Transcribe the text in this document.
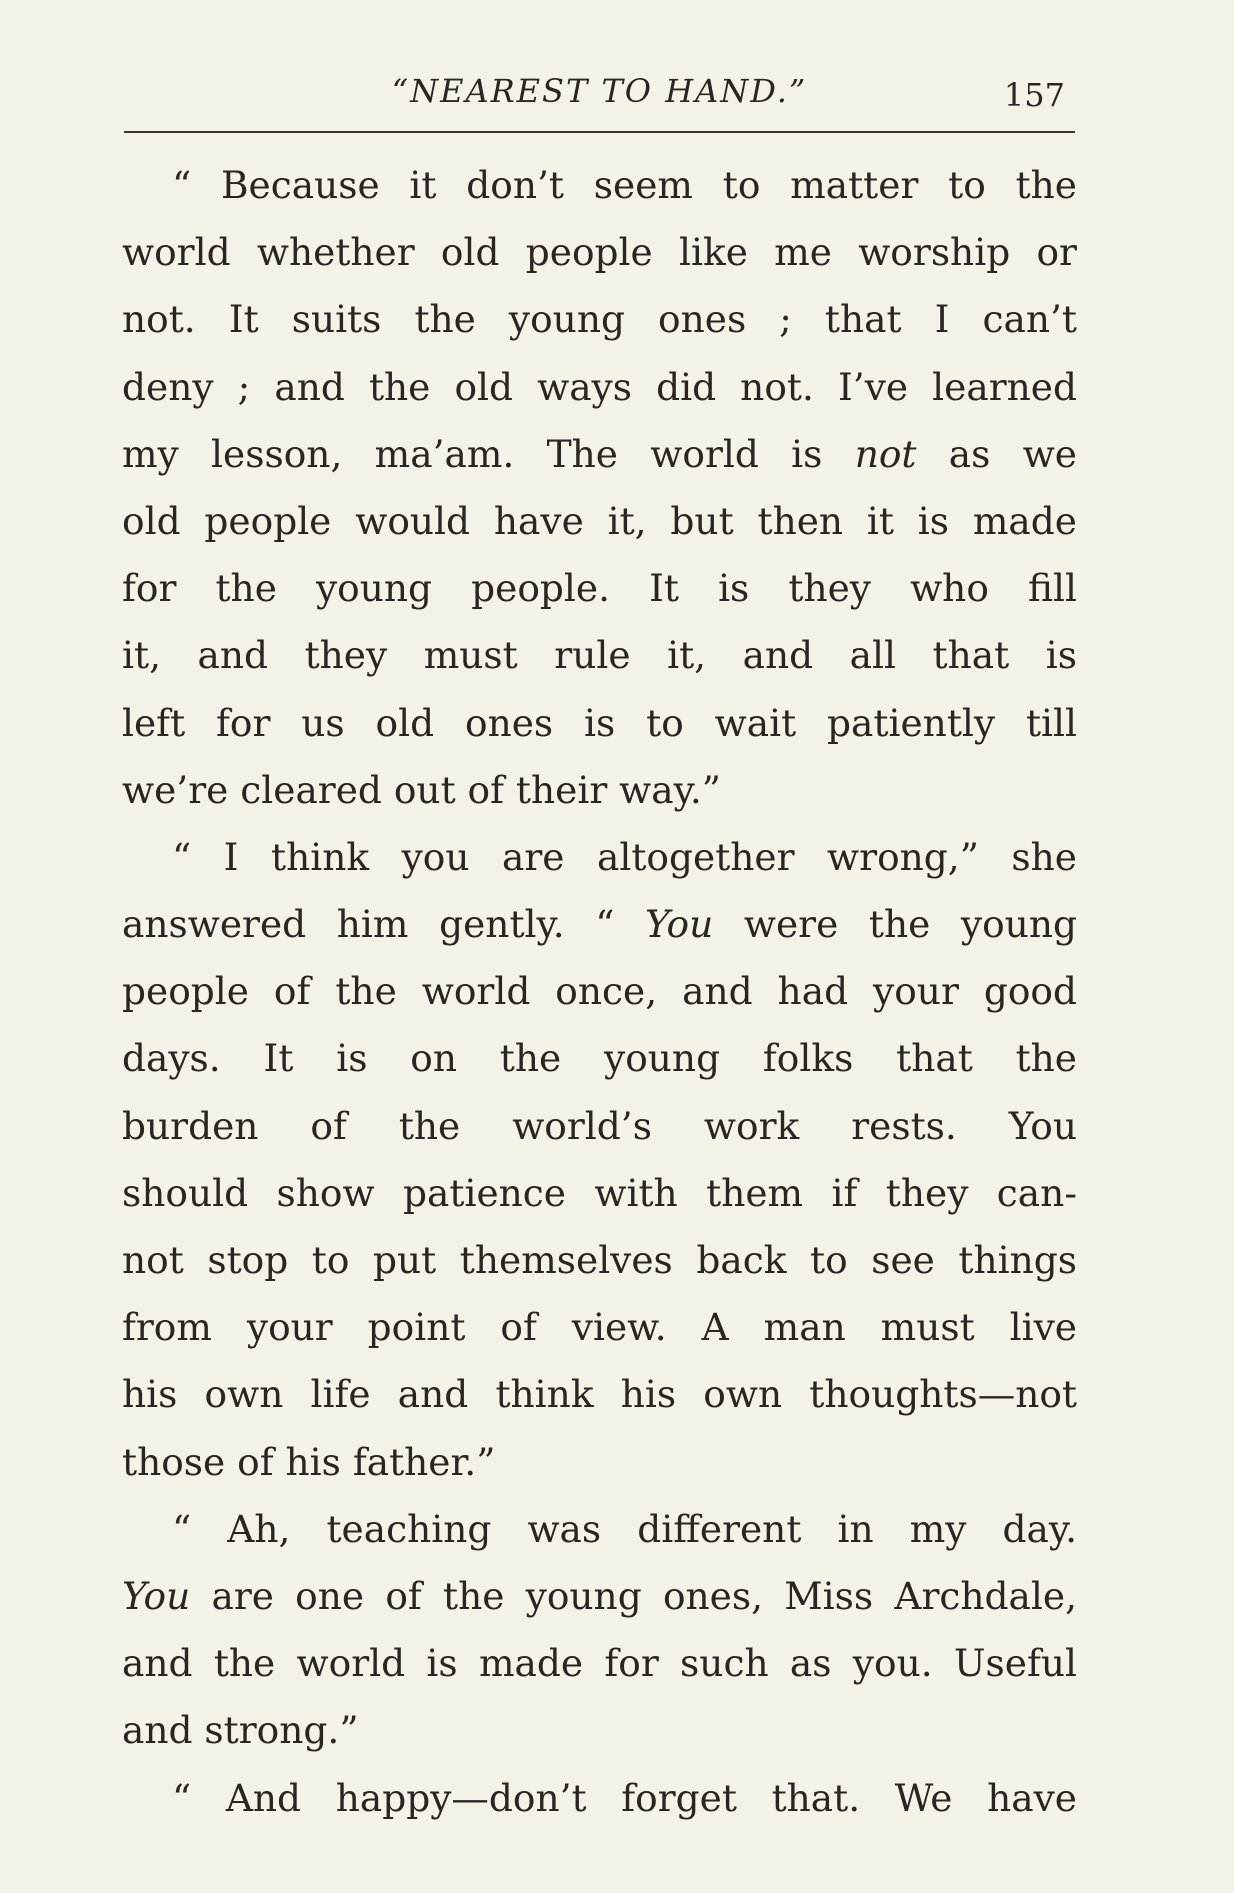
“NEAREST TO HAND.”	157
“ Because it don’t seem to matter to the
world whether old people like me worship or
not. It suits the young ones ; that I can’t
deny ; and the old ways did not. I’ve learned
my lesson, ma’am. The world is not as we
old people would have it, but then it is made
for the young people. It is they who fill
it, and they must rule it, and all that is
left for us old ones is to wait patiently till
we’re cleared out of their way.”
“ I think you are altogether wrong,” she
answered him gently. “ You were the young
people of the world once, and had your good
days. It is on the young folks that the
burden of the world’s work rests. You
should show patience with them if they can-
not stop to put themselves back to see things
from your point of view. A man must live
his own life and think his own thoughts—not
those of his father.”
“ Ah, teaching was different in my day.
You are one of the young ones, Miss Archdale,
and the world is made for such as you. Useful
and strong.”
“ And happy—don’t forget that. We have
